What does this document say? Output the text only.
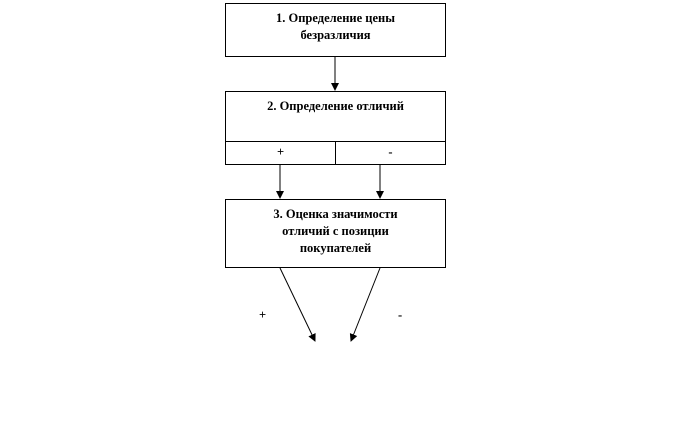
1. Определение цены
безразличия
2. Определение отличий
+	-
3. Оценка значимости
отличий с позиции
покупателей
+	-
